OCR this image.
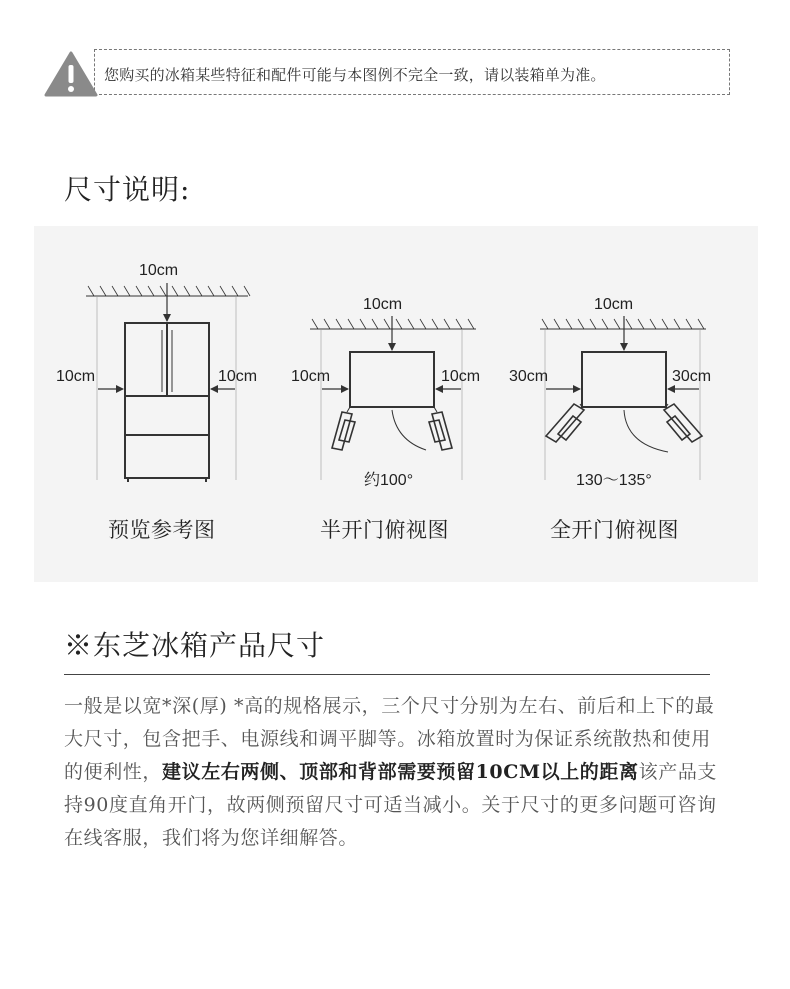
您购买的冰箱某些特征和配件可能与本图例不完全一致，请以装箱单为准。
尺寸说明:
10cm
10cm	10cm
10cm
10cm	10cm
约100°
10cm
30cm	30cm
130～135°
预览参考图	半开门俯视图	全开门俯视图
※东芝冰箱产品尺寸
一般是以宽*深(厚) *高的规格展示，三个尺寸分别为左右、前后和上下的最大尺寸，包含把手、电源线和调平脚等。冰箱放置时为保证系统散热和使用的便利性，建议左右两侧、顶部和背部需要预留10CM以上的距离该产品支持90度直角开门，故两侧预留尺寸可适当减小。关于尺寸的更多问题可咨询在线客服，我们将为您详细解答。
